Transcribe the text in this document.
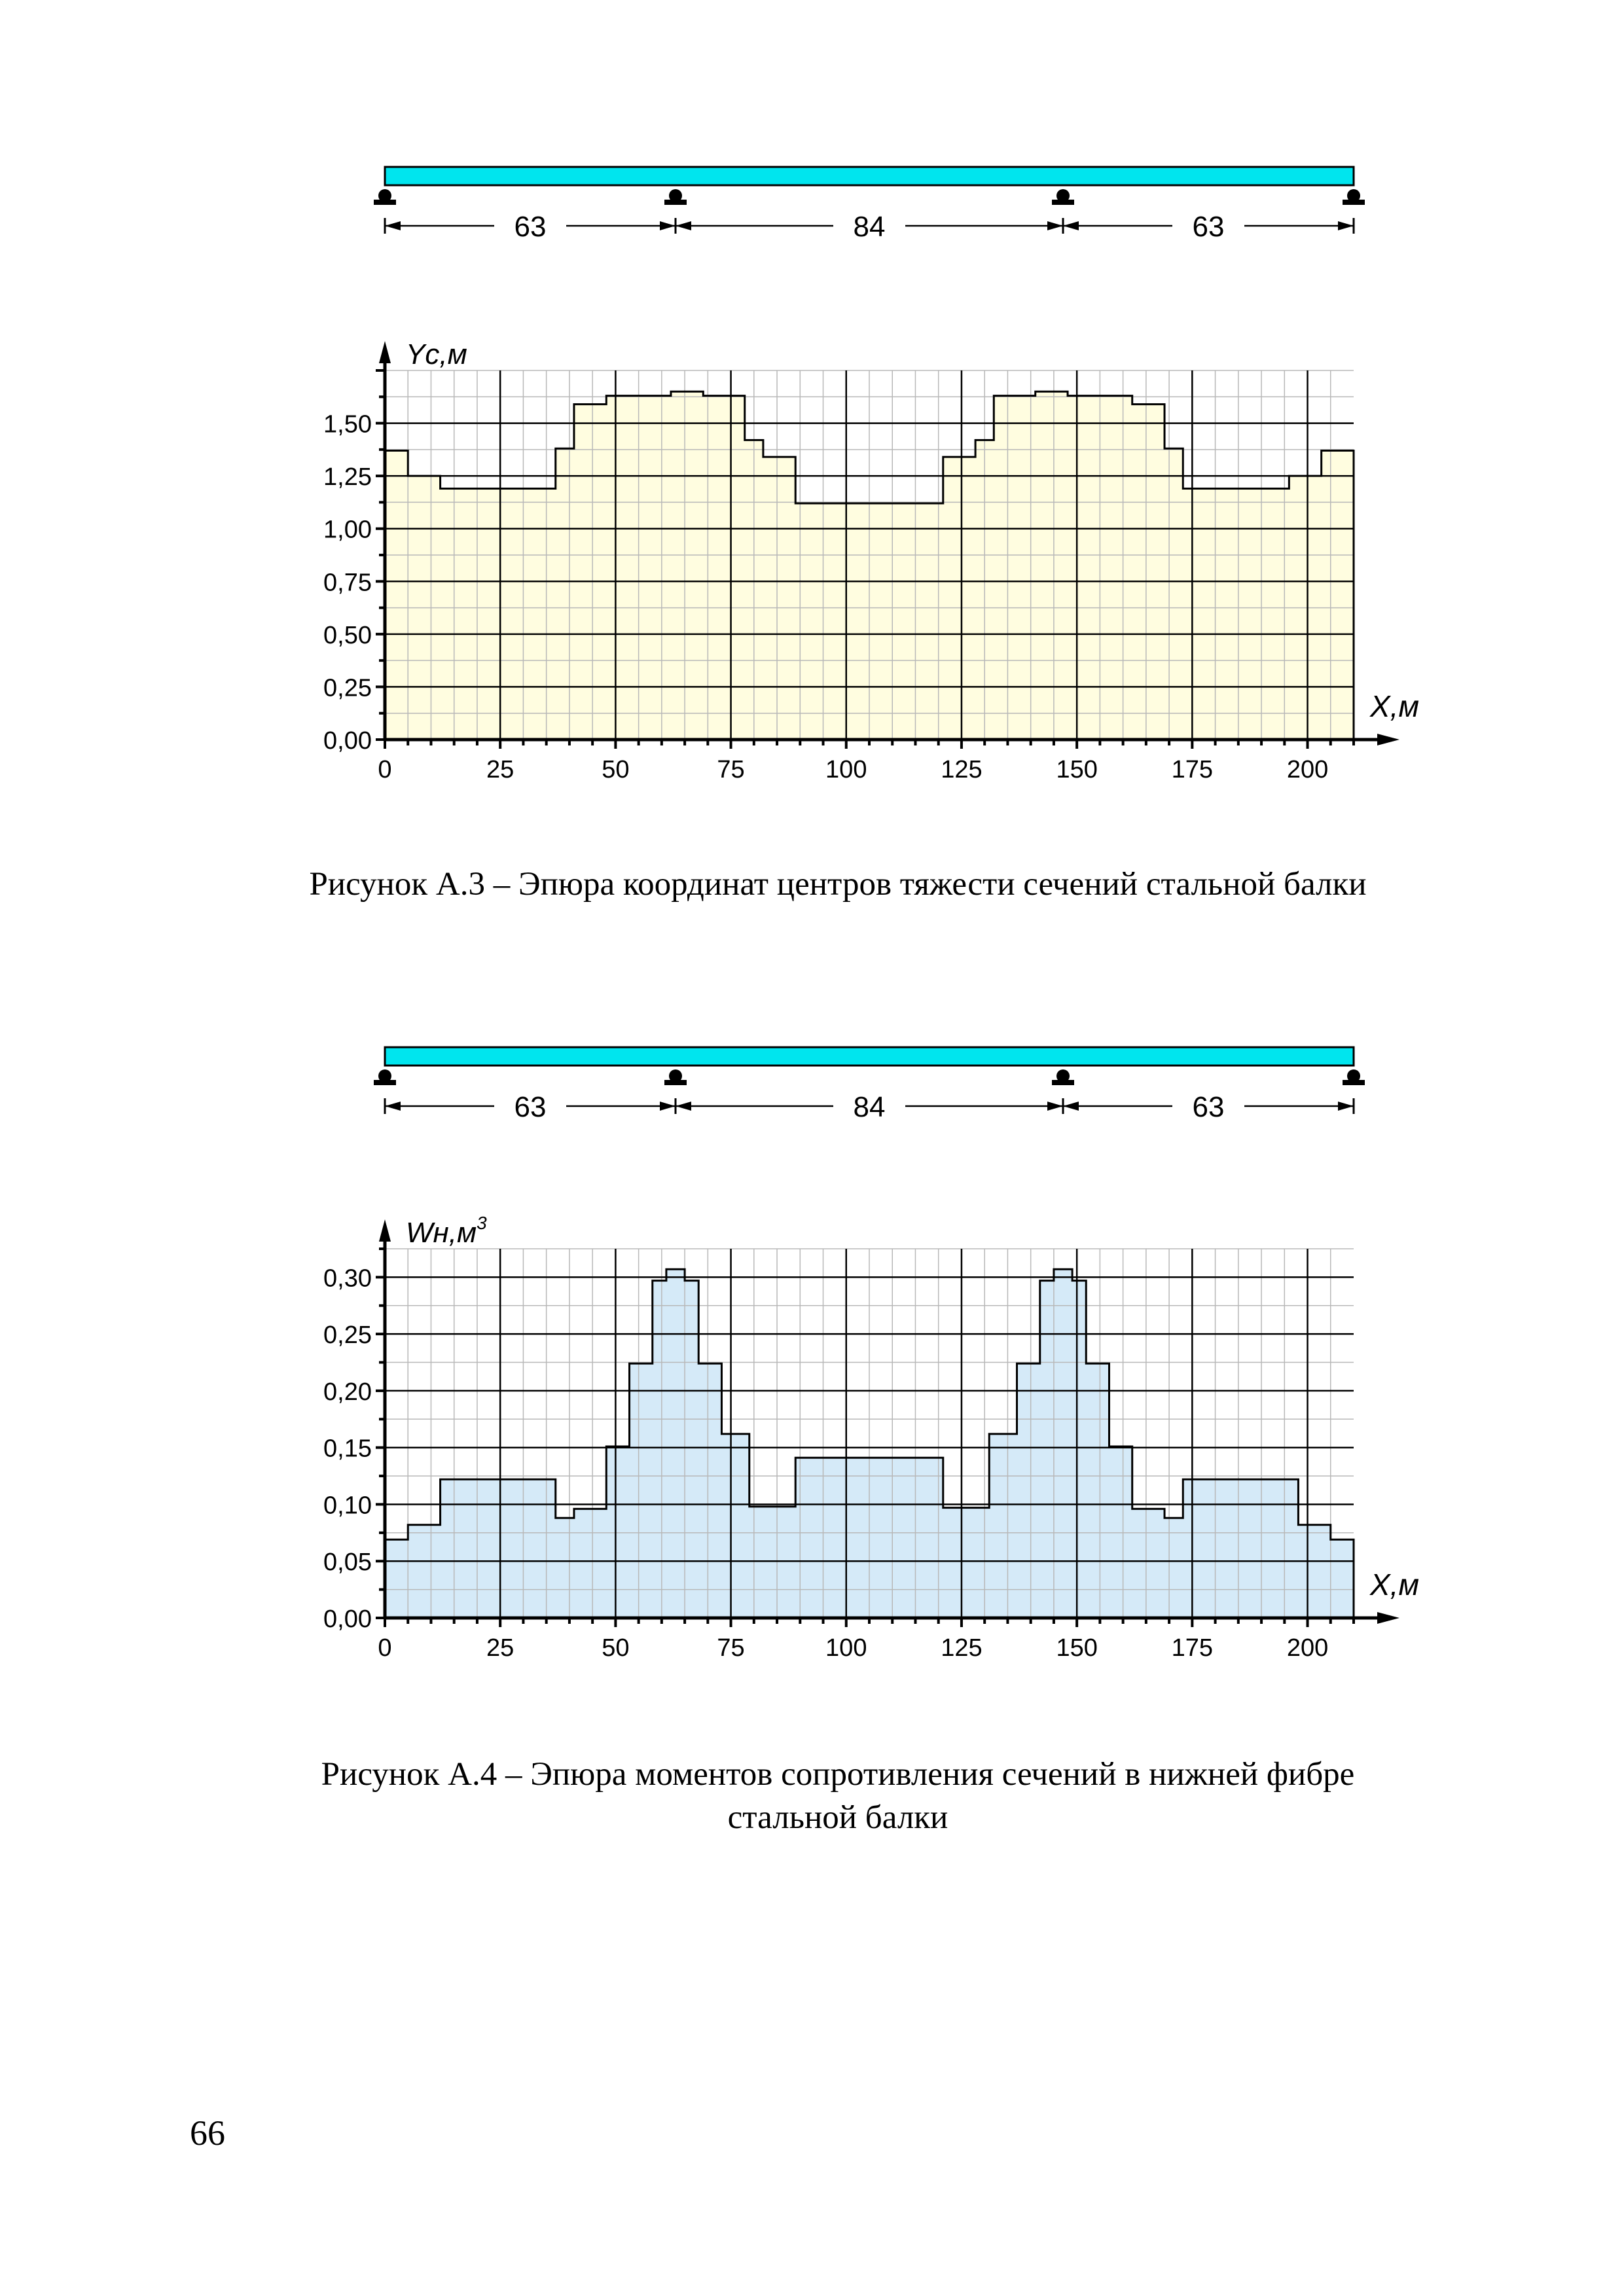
63	84	63
0,00
0,25
0,50
0,75
1,00
1,25
1,50
0	25	50	75	100	125	150	175	200
Yс,м
X,м
63	84	63
0,00
0,05
0,10
0,15
0,20
0,25
0,30
0	25	50	75	100	125	150	175	200
$Wн,м^3$
X,м
Рисунок А.3 – Эпюра координат центров тяжести сечений стальной балки
Рисунок А.4 – Эпюра моментов сопротивления сечений в нижней фибре
стальной балки
66
